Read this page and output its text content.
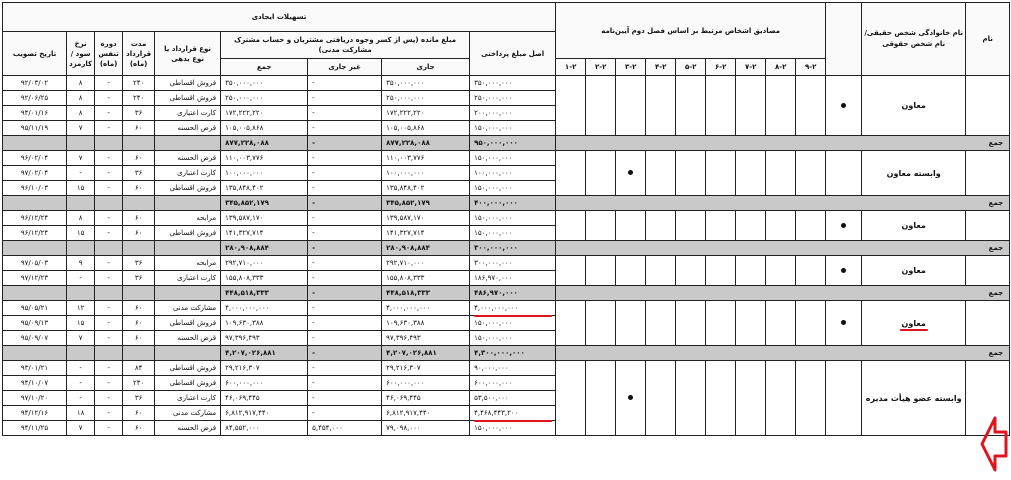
نام	نام خانوادگی شخص حقیقی/ نام شخص حقوقی		مصادیق اشخاص مرتبط بر اساس فصل دوم آیین‌نامه									تسهیلات ایجادی								
												اصل مبلغ پرداختی	مبلغ مانده (پس از کسر وجوه دریافتی مشتریان و حساب مشترک مشارکت مدنی)			نوع قرارداد یا نوع بدهی	مدت قرارداد (ماه)	دوره تنفس (ماه)	نرخ سود / کارمزد	تاریخ تصویب
			۹-۲	۸-۲	۷-۲	۶-۲	۵-۲	۴-۲	۳-۲	۲-۲	۱-۲		جاری	غیر جاری	جمع					
	معاون											۳۵۰,۰۰۰,۰۰۰	۳۵۰,۰۰۰,۰۰۰	-	۳۵۰,۰۰۰,۰۰۰	فروش اقساطی	۲۴۰	-	۸	۹۲/۰۳/۰۲
												۲۵۰,۰۰۰,۰۰۰	۲۵۰,۰۰۰,۰۰۰	-	۲۵۰,۰۰۰,۰۰۰	فروش اقساطی	۲۴۰	-	۸	۹۲/۰۶/۲۵
												۲۰۰,۰۰۰,۰۰۰	۱۷۲,۲۲۲,۲۲۰	-	۱۷۲,۲۲۲,۲۲۰	کارت اعتباری	۳۶	-	۸	۹۴/۰۱/۱۶
												۱۵۰,۰۰۰,۰۰۰	۱۰۵,۰۰۵,۸۶۸	-	۱۰۵,۰۰۵,۸۶۸	قرض الحسنه	۶۰	-	۷	۹۵/۱۱/۱۹
جمع												۹۵۰,۰۰۰,۰۰۰	۸۷۷,۲۲۸,۰۸۸	-	۸۷۷,۲۲۸,۰۸۸					
	وابسته معاون											۱۵۰,۰۰۰,۰۰۰	۱۱۰,۰۰۳,۷۷۶	-	۱۱۰,۰۰۳,۷۷۶	قرض الحسنه	۶۰	-	۷	۹۶/۰۲/۰۴
												۱۰۰,۰۰۰,۰۰۰	۱۰۰,۰۰۰,۰۰۰	-	۱۰۰,۰۰۰,۰۰۰	کارت اعتباری	۳۶	-	-	۹۷/۰۲/۰۴
												۱۵۰,۰۰۰,۰۰۰	۱۳۵,۸۴۸,۴۰۲	-	۱۳۵,۸۴۸,۴۰۲	فروش اقساطی	۶۰	-	۱۵	۹۶/۱۰/۰۳
جمع												۴۰۰,۰۰۰,۰۰۰	۳۴۵,۸۵۲,۱۷۹	-	۳۴۵,۸۵۲,۱۷۹					
	معاون											۱۵۰,۰۰۰,۰۰۰	۱۳۹,۵۸۷,۱۷۰	-	۱۳۹,۵۸۷,۱۷۰	مرابحه	۶۰	-	۸	۹۶/۱۲/۲۴
												۱۵۰,۰۰۰,۰۰۰	۱۴۱,۳۲۷,۷۱۴	-	۱۴۱,۳۲۷,۷۱۴	فروش اقساطی	۶۰	-	۱۵	۹۶/۱۲/۲۴
جمع												۳۰۰,۰۰۰,۰۰۰	۲۸۰,۹۰۸,۸۸۴	-	۲۸۰,۹۰۸,۸۸۴					
	معاون											۳۰۰,۰۰۰,۰۰۰	۲۹۲,۷۱۰,۰۰۰	-	۲۹۲,۷۱۰,۰۰۰	مرابحه	۳۶	-	۹	۹۷/۰۵/۰۳
												۱۸۶,۹۷۰,۰۰۰	۱۵۵,۸۰۸,۳۳۳	-	۱۵۵,۸۰۸,۳۳۳	کارت اعتباری	۳۶	-	-	۹۷/۱۲/۲۳
جمع												۴۸۶,۹۷۰,۰۰۰	۴۴۸,۵۱۸,۳۳۳	-	۴۴۸,۵۱۸,۳۳۳					
	معاون											۴,۰۰۰,۰۰۰,۰۰۰	۴,۰۰۰,۰۰۰,۰۰۰	-	۴,۰۰۰,۰۰۰,۰۰۰	مشارکت مدنی	۶۰	-	۱۲	۹۵/۰۵/۲۱
												۱۵۰,۰۰۰,۰۰۰	۱۰۹,۶۳۰,۳۸۸	-	۱۰۹,۶۳۰,۳۸۸	فروش اقساطی	۶۰	-	۱۵	۹۵/۰۹/۱۳
												۱۵۰,۰۰۰,۰۰۰	۹۷,۳۹۶,۴۹۳	-	۹۷,۳۹۶,۴۹۳	قرض الحسنه	۶۰	-	۷	۹۵/۰۹/۰۷
جمع												۴,۳۰۰,۰۰۰,۰۰۰	۴,۲۰۷,۰۲۶,۸۸۱	-	۴,۲۰۷,۰۲۶,۸۸۱					
	وابسته عضو هیأت مدیره											۹۰,۰۰۰,۰۰۰	۲۹,۲۱۶,۳۰۷	-	۲۹,۲۱۶,۳۰۷	فروش اقساطی	۸۴	-	-	۹۳/۰۱/۲۱
												۶۰۰,۰۰۰,۰۰۰	۶۰۰,۰۰۰,۰۰۰	-	۶۰۰,۰۰۰,۰۰۰	فروش اقساطی	۲۴۰	-	-	۹۴/۱۰/۰۷
												۵۳,۵۰۰,۰۰۰	۴۶,۰۶۹,۴۴۵	-	۴۶,۰۶۹,۴۴۵	کارت اعتباری	۳۶	-	-	۹۷/۱۰/۲۰
												۴,۴۶۸,۴۴۳,۲۰۰	۶,۸۱۲,۹۱۷,۴۴۰	-	۶,۸۱۲,۹۱۷,۴۴۰	مشارکت مدنی	۶۰	-	۱۸	۹۴/۱۲/۱۶
												۱۵۰,۰۰۰,۰۰۰	۷۹,۰۹۸,۰۰۰	۵,۴۵۴,۰۰۰	۸۴,۵۵۲,۰۰۰	قرض الحسنه	۶۰	-	۷	۹۴/۱۱/۲۵
